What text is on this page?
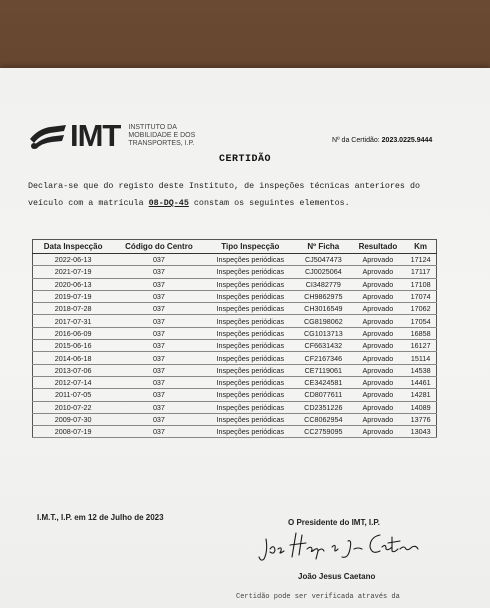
IMT INSTITUTO DA MOBILIDADE E DOS TRANSPORTES, I.P.	Nº da Certidão: 2023.0225.9444
CERTIDÃO
Declara-se que do registo deste Instituto, de inspeções técnicas anteriores do veículo com a matrícula 08-DQ-45 constam os seguintes elementos.
Data Inspecção	Código do Centro	Tipo Inspecção	Nº Ficha	Resultado	Km
2022-06-13	037	Inspeções periódicas	CJ5047473	Aprovado	17124
2021-07-19	037	Inspeções periódicas	CJ0025064	Aprovado	17117
2020-06-13	037	Inspeções periódicas	CI3482779	Aprovado	17108
2019-07-19	037	Inspeções periódicas	CH9862975	Aprovado	17074
2018-07-28	037	Inspeções periódicas	CH3016549	Aprovado	17062
2017-07-31	037	Inspeções periódicas	CG8198062	Aprovado	17054
2016-06-09	037	Inspeções periódicas	CG1013713	Aprovado	16858
2015-06-16	037	Inspeções periódicas	CF6631432	Aprovado	16127
2014-06-18	037	Inspeções periódicas	CF2167346	Aprovado	15114
2013-07-06	037	Inspeções periódicas	CE7119061	Aprovado	14538
2012-07-14	037	Inspeções periódicas	CE3424581	Aprovado	14461
2011-07-05	037	Inspeções periódicas	CD8077611	Aprovado	14281
2010-07-22	037	Inspeções periódicas	CD2351226	Aprovado	14089
2009-07-30	037	Inspeções periódicas	CC8062954	Aprovado	13776
2008-07-19	037	Inspeções periódicas	CC2759095	Aprovado	13043
I.M.T., I.P. em 12 de Julho de 2023
O Presidente do IMT, I.P.
João Jesus Caetano
Certidão pode ser verificada através da
